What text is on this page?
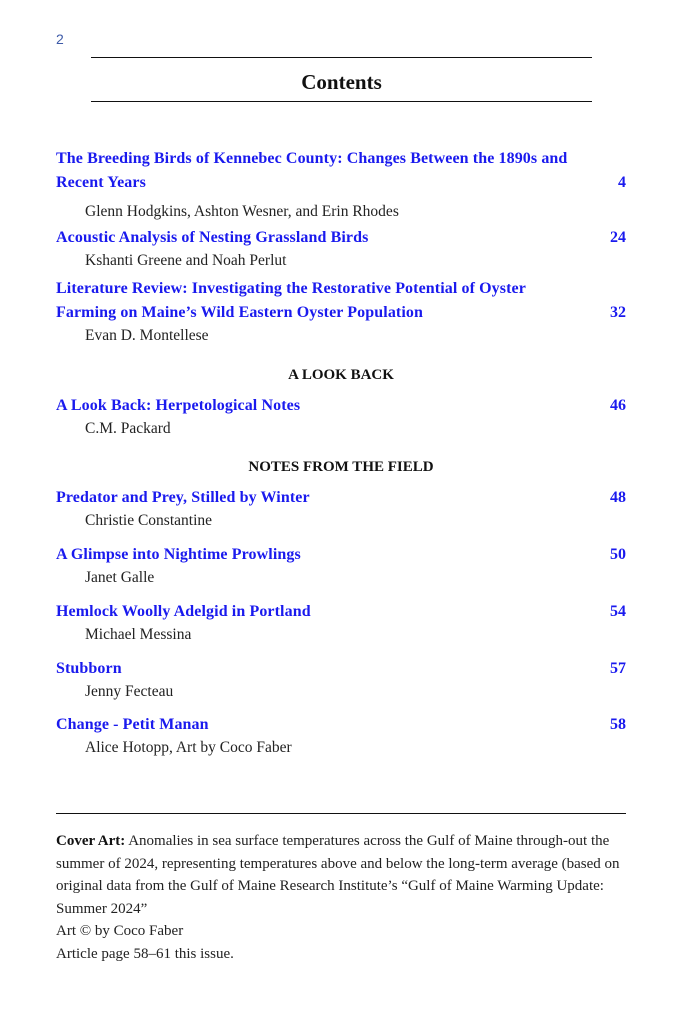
2
Contents
The Breeding Birds of Kennebec County: Changes Between the 1890s and Recent Years	4
Glenn Hodgkins, Ashton Wesner, and Erin Rhodes
Acoustic Analysis of Nesting Grassland Birds	24
Kshanti Greene and Noah Perlut
Literature Review: Investigating the Restorative Potential of Oyster Farming on Maine’s Wild Eastern Oyster Population	32
Evan D. Montellese
A LOOK BACK
A Look Back: Herpetological Notes	46
C.M. Packard
NOTES FROM THE FIELD
Predator and Prey, Stilled by Winter	48
Christie Constantine
A Glimpse into Nightime Prowlings	50
Janet Galle
Hemlock Woolly Adelgid in Portland	54
Michael Messina
Stubborn	57
Jenny Fecteau
Change - Petit Manan	58
Alice Hotopp, Art by Coco Faber
Cover Art: Anomalies in sea surface temperatures across the Gulf of Maine through-out the summer of 2024, representing temperatures above and below the long-term average (based on original data from the Gulf of Maine Research Institute’s “Gulf of Maine Warming Update: Summer 2024”
Art © by Coco Faber
Article page 58–61 this issue.
